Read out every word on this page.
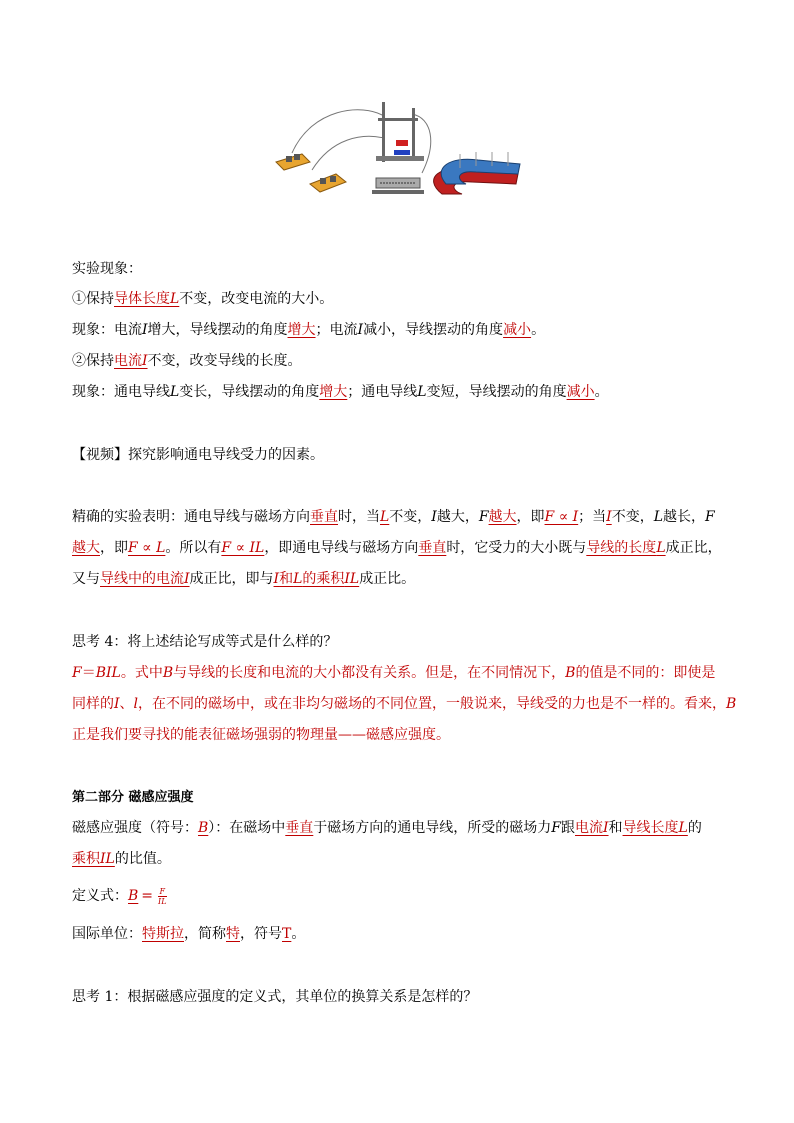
实验现象：
①保持导体长度L不变，改变电流的大小。
现象：电流I增大，导线摆动的角度增大；电流I减小，导线摆动的角度减小。
②保持电流I不变，改变导线的长度。
现象：通电导线L变长，导线摆动的角度增大；通电导线L变短，导线摆动的角度减小。
【视频】探究影响通电导线受力的因素。
精确的实验表明：通电导线与磁场方向垂直时，当L不变，I越大，F越大，即F ∝ I；当I不变，L越长，F
越大，即F ∝ L。所以有F ∝ IL，即通电导线与磁场方向垂直时，它受力的大小既与导线的长度L成正比，
又与导线中的电流I成正比，即与I和L的乘积IL成正比。
思考 4：将上述结论写成等式是什么样的？
F＝BIL。式中B与导线的长度和电流的大小都没有关系。但是，在不同情况下，B的值是不同的：即使是
同样的I、l，在不同的磁场中，或在非均匀磁场的不同位置，一般说来，导线受的力也是不一样的。看来，B
正是我们要寻找的能表征磁场强弱的物理量——磁感应强度。
第二部分 磁感应强度
磁感应强度（符号：B）：在磁场中垂直于磁场方向的通电导线，所受的磁场力F跟电流I和导线长度L的
乘积IL的比值。
定义式：$B = \frac{F}{IL}$
国际单位：特斯拉，简称特，符号T。
思考 1：根据磁感应强度的定义式，其单位的换算关系是怎样的？
